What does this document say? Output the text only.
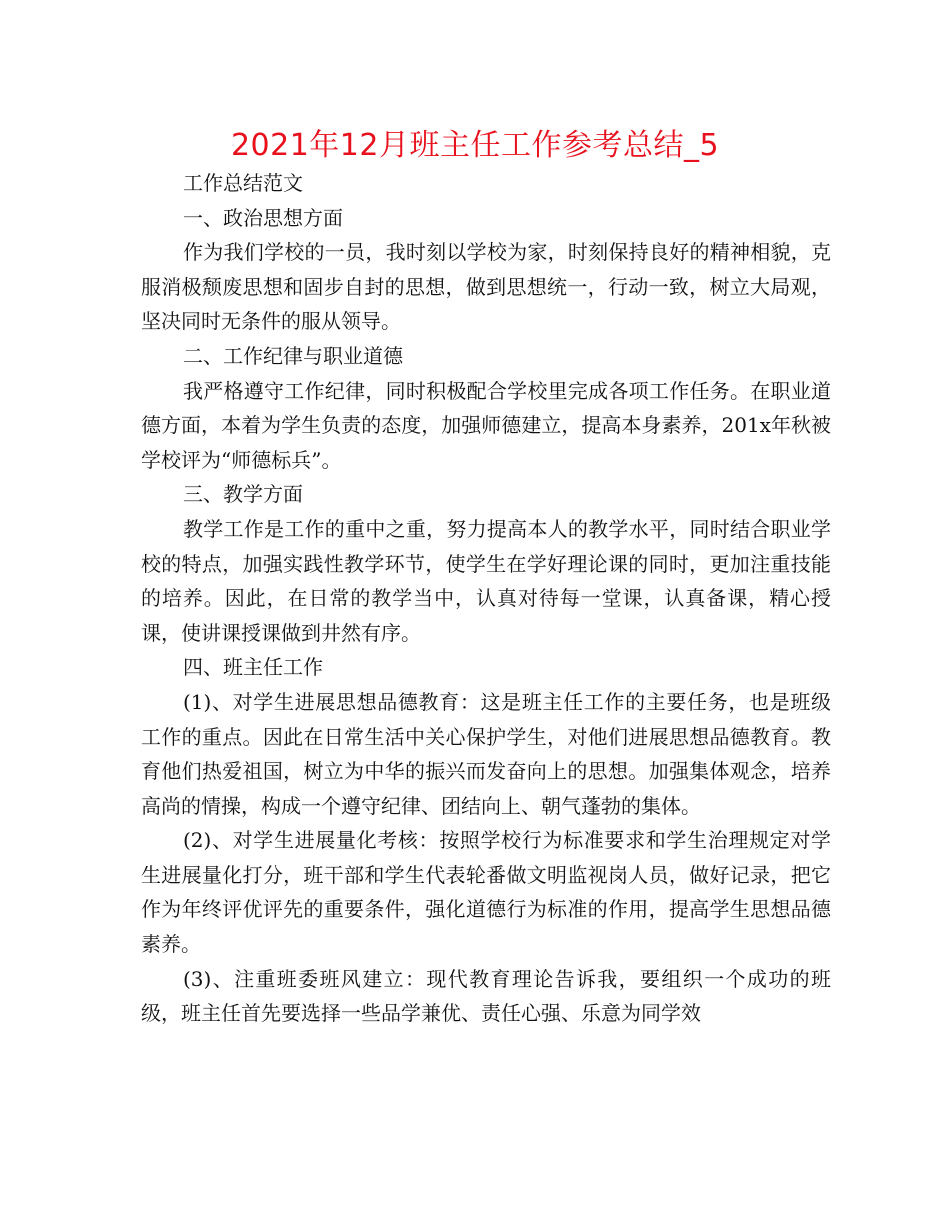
2021年12月班主任工作参考总结_5

工作总结范文

一、政治思想方面

作为我们学校的一员，我时刻以学校为家，时刻保持良好的精神相貌，克服消极颓废思想和固步自封的思想，做到思想统一，行动一致，树立大局观，坚决同时无条件的服从领导。

二、工作纪律与职业道德

我严格遵守工作纪律，同时积极配合学校里完成各项工作任务。在职业道德方面，本着为学生负责的态度，加强师德建立，提高本身素养，201x年秋被学校评为“师德标兵”。

三、教学方面

教学工作是工作的重中之重，努力提高本人的教学水平，同时结合职业学校的特点，加强实践性教学环节，使学生在学好理论课的同时，更加注重技能的培养。因此，在日常的教学当中，认真对待每一堂课，认真备课，精心授课，使讲课授课做到井然有序。

四、班主任工作

(1)、对学生进展思想品德教育：这是班主任工作的主要任务，也是班级工作的重点。因此在日常生活中关心保护学生，对他们进展思想品德教育。教育他们热爱祖国，树立为中华的振兴而发奋向上的思想。加强集体观念，培养高尚的情操，构成一个遵守纪律、团结向上、朝气蓬勃的集体。

(2)、对学生进展量化考核：按照学校行为标准要求和学生治理规定对学生进展量化打分，班干部和学生代表轮番做文明监视岗人员，做好记录，把它作为年终评优评先的重要条件，强化道德行为标准的作用，提高学生思想品德素养。

(3)、注重班委班风建立：现代教育理论告诉我，要组织一个成功的班级，班主任首先要选择一些品学兼优、责任心强、乐意为同学效
